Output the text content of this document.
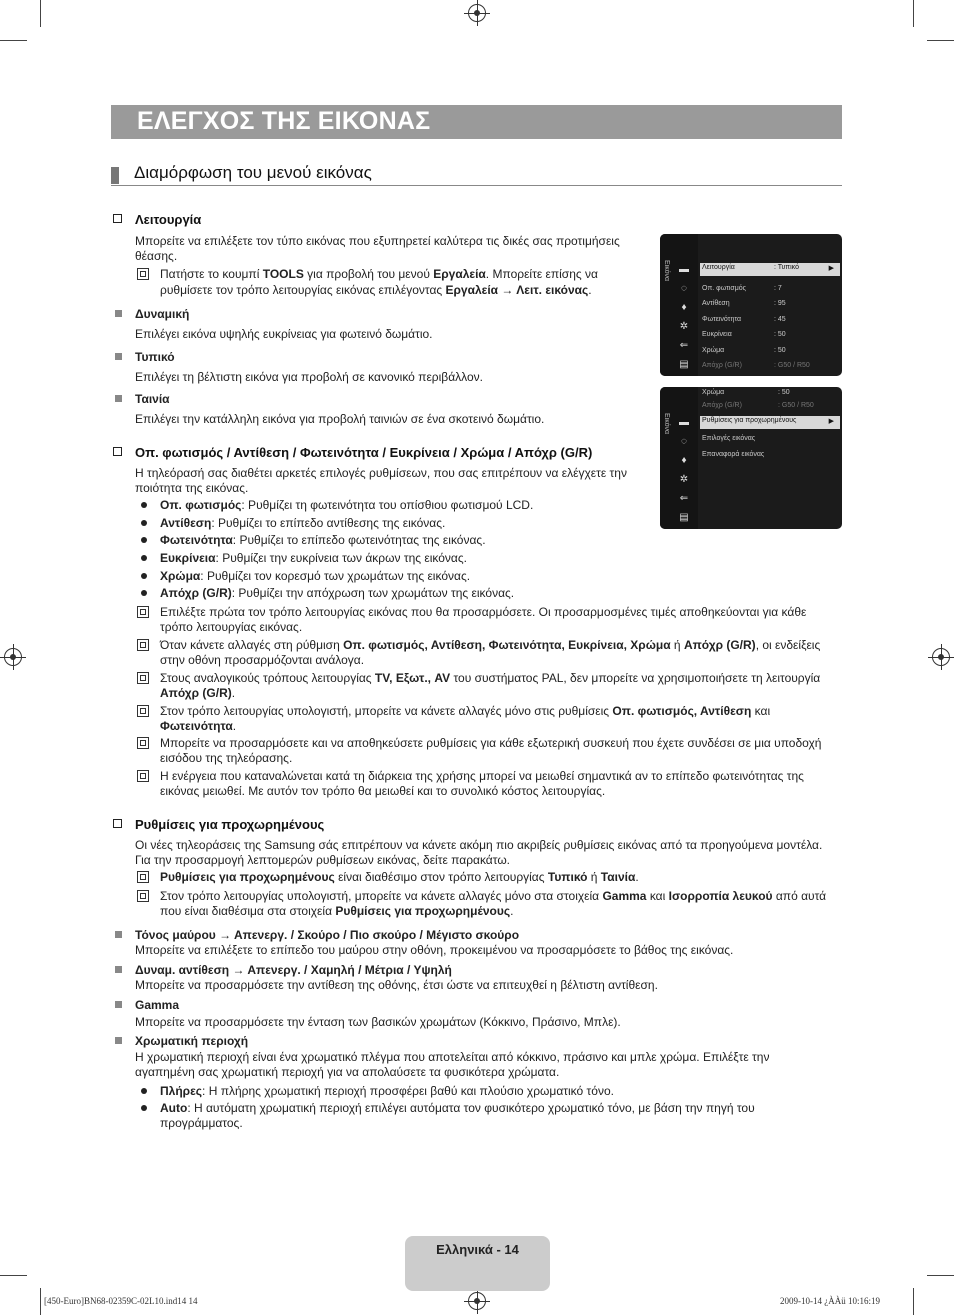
ΕΛΕΓΧΟΣ ΤΗΣ ΕΙΚΟΝΑΣ
Διαμόρφωση του μενού εικόνας
Λειτουργία
Μπορείτε να επιλέξετε τον τύπο εικόνας που εξυπηρετεί καλύτερα τις δικές σας προτιμήσεις
θέασης.
Πατήστε το κουμπί TOOLS για προβολή του μενού Εργαλεία. Μπορείτε επίσης να
ρυθμίσετε τον τρόπο λειτουργίας εικόνας επιλέγοντας Εργαλεία → Λειτ. εικόνας.
Δυναμική
Επιλέγει εικόνα υψηλής ευκρίνειας για φωτεινό δωμάτιο.
Τυπικό
Επιλέγει τη βέλτιστη εικόνα για προβολή σε κανονικό περιβάλλον.
Ταινία
Επιλέγει την κατάλληλη εικόνα για προβολή ταινιών σε ένα σκοτεινό δωμάτιο.
Εικόνα ▬
◌
♦
✲
⇐
▤
Λειτουργία	: Τυπικό	▶
Οπ. φωτισμός	: 7
Αντίθεση	: 95
Φωτεινότητα	: 45
Ευκρίνεια	: 50
Χρώμα	: 50
Απόχρ (G/R)	: G50 / R50
Εικόνα ▬
◌
♦
✲
⇐
▤
Χρώμα	: 50
Απόχρ (G/R)	: G50 / R50
Ρυθμίσεις για προχωρημένους	▶
Επιλογές εικόνας
Επαναφορά εικόνας
Οπ. φωτισμός / Αντίθεση / Φωτεινότητα / Ευκρίνεια / Χρώμα / Απόχρ (G/R)
Η τηλεόρασή σας διαθέτει αρκετές επιλογές ρυθμίσεων, που σας επιτρέπουν να ελέγχετε την
ποιότητα της εικόνας.
Οπ. φωτισμός: Ρυθμίζει τη φωτεινότητα του οπίσθιου φωτισμού LCD.
Αντίθεση: Ρυθμίζει το επίπεδο αντίθεσης της εικόνας.
Φωτεινότητα: Ρυθμίζει το επίπεδο φωτεινότητας της εικόνας.
Ευκρίνεια: Ρυθμίζει την ευκρίνεια των άκρων της εικόνας.
Χρώμα: Ρυθμίζει τον κορεσμό των χρωμάτων της εικόνας.
Απόχρ (G/R): Ρυθμίζει την απόχρωση των χρωμάτων της εικόνας.
Επιλέξτε πρώτα τον τρόπο λειτουργίας εικόνας που θα προσαρμόσετε. Οι προσαρμοσμένες τιμές αποθηκεύονται για κάθε
τρόπο λειτουργίας εικόνας.
Όταν κάνετε αλλαγές στη ρύθμιση Οπ. φωτισμός, Αντίθεση, Φωτεινότητα, Ευκρίνεια, Χρώμα ή Απόχρ (G/R), οι ενδείξεις
στην οθόνη προσαρμόζονται ανάλογα.
Στους αναλογικούς τρόπους λειτουργίας TV, Εξωτ., AV του συστήματος PAL, δεν μπορείτε να χρησιμοποιήσετε τη λειτουργία
Απόχρ (G/R).
Στον τρόπο λειτουργίας υπολογιστή, μπορείτε να κάνετε αλλαγές μόνο στις ρυθμίσεις Οπ. φωτισμός, Αντίθεση και
Φωτεινότητα.
Μπορείτε να προσαρμόσετε και να αποθηκεύσετε ρυθμίσεις για κάθε εξωτερική συσκευή που έχετε συνδέσει σε μια υποδοχή
εισόδου της τηλεόρασης.
Η ενέργεια που καταναλώνεται κατά τη διάρκεια της χρήσης μπορεί να μειωθεί σημαντικά αν το επίπεδο φωτεινότητας της
εικόνας μειωθεί. Με αυτόν τον τρόπο θα μειωθεί και το συνολικό κόστος λειτουργίας.
Ρυθμίσεις για προχωρημένους
Οι νέες τηλεοράσεις της Samsung σάς επιτρέπουν να κάνετε ακόμη πιο ακριβείς ρυθμίσεις εικόνας από τα προηγούμενα μοντέλα.
Για την προσαρμογή λεπτομερών ρυθμίσεων εικόνας, δείτε παρακάτω.
Ρυθμίσεις για προχωρημένους είναι διαθέσιμο στον τρόπο λειτουργίας Τυπικό ή Ταινία.
Στον τρόπο λειτουργίας υπολογιστή, μπορείτε να κάνετε αλλαγές μόνο στα στοιχεία Gamma και Ισορροπία λευκού από αυτά
που είναι διαθέσιμα στα στοιχεία Ρυθμίσεις για προχωρημένους.
Τόνος μαύρου → Απενεργ. / Σκούρο / Πιο σκούρο / Μέγιστο σκούρο
Μπορείτε να επιλέξετε το επίπεδο του μαύρου στην οθόνη, προκειμένου να προσαρμόσετε το βάθος της εικόνας.
Δυναμ. αντίθεση → Απενεργ. / Χαμηλή / Μέτρια / Υψηλή
Μπορείτε να προσαρμόσετε την αντίθεση της οθόνης, έτσι ώστε να επιτευχθεί η βέλτιστη αντίθεση.
Gamma
Μπορείτε να προσαρμόσετε την ένταση των βασικών χρωμάτων (Κόκκινο, Πράσινο, Μπλε).
Χρωματική περιοχή
Η χρωματική περιοχή είναι ένα χρωματικό πλέγμα που αποτελείται από κόκκινο, πράσινο και μπλε χρώμα. Επιλέξτε την
αγαπημένη σας χρωματική περιοχή για να απολαύσετε τα φυσικότερα χρώματα.
Πλήρες: Η πλήρης χρωματική περιοχή προσφέρει βαθύ και πλούσιο χρωματικό τόνο.
Auto: Η αυτόματη χρωματική περιοχή επιλέγει αυτόματα τον φυσικότερο χρωματικό τόνο, με βάση την πηγή του
προγράμματος.
Ελληνικά - 14
[450-Euro]BN68-02359C-02L10.ind14 14	2009-10-14 ¿ÀÀü 10:16:19
